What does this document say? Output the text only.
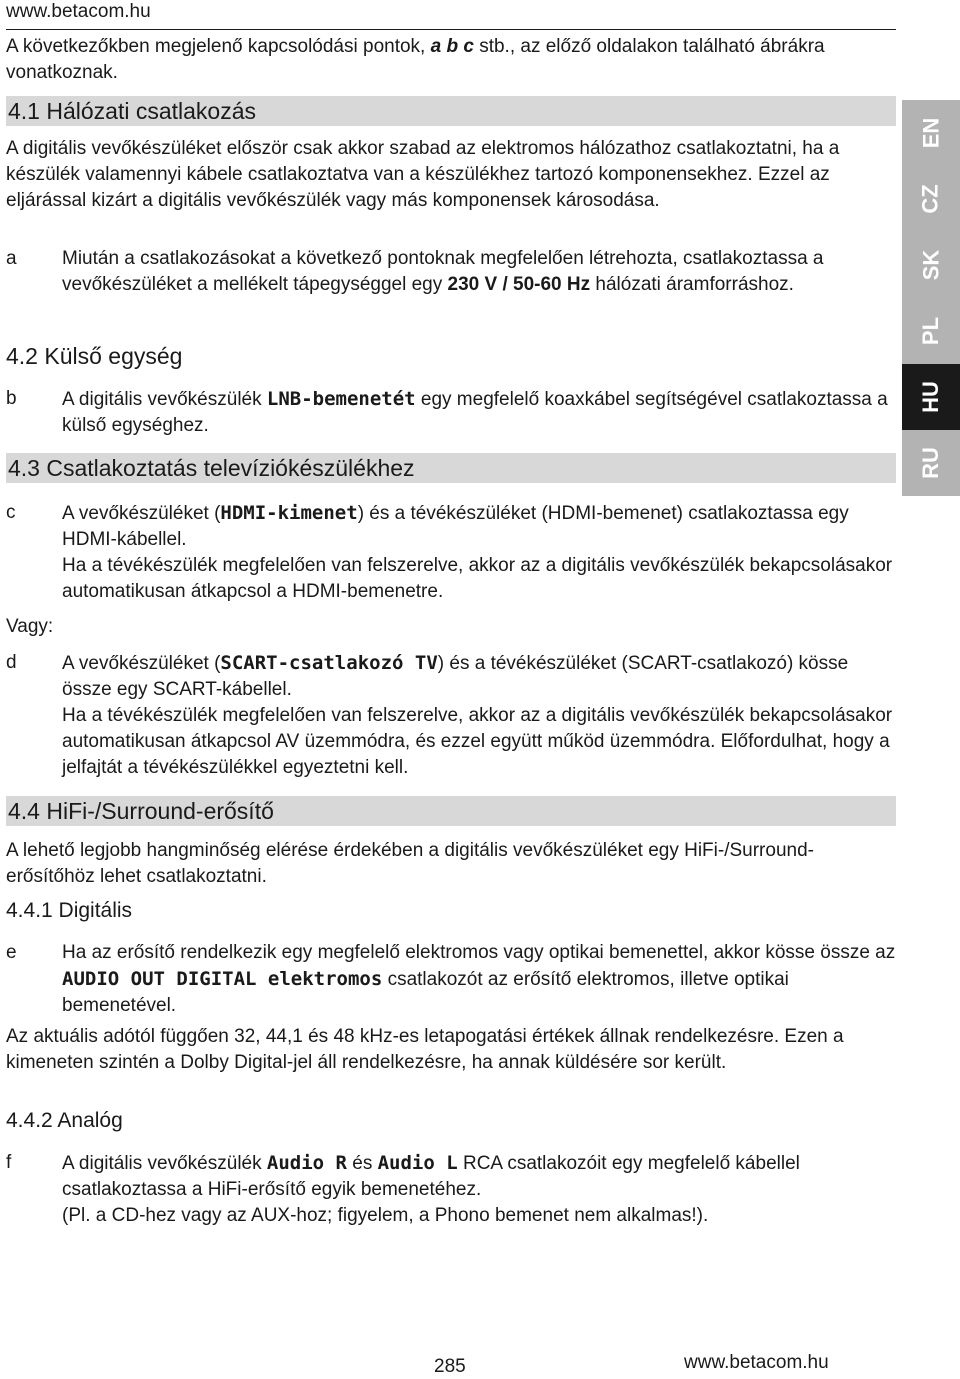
www.betacom.hu
A következőkben megjelenő kapcsolódási pontok, a b c stb., az előző oldalakon található ábrákra vonatkoznak.
4.1 Hálózati csatlakozás
A digitális vevőkészüléket először csak akkor szabad az elektromos hálózathoz csatlakoztatni, ha a készülék valamennyi kábele csatlakoztatva van a készülékhez tartozó komponensekhez. Ezzel az eljárással kizárt a digitális vevőkészülék vagy más komponensek károsodása.
a Miután a csatlakozásokat a következő pontoknak megfelelően létrehozta, csatlakoztassa a vevőkészüléket a mellékelt tápegységgel egy 230 V / 50-60 Hz hálózati áramforráshoz.
4.2 Külső egység
b A digitális vevőkészülék LNB-bemenetét egy megfelelő koaxkábel segítségével csatlakoztassa a külső egységhez.
4.3 Csatlakoztatás televíziókészülékhez
c A vevőkészüléket (HDMI-kimenet) és a tévékészüléket (HDMI-bemenet) csatlakoztassa egy HDMI-kábellel.
Ha a tévékészülék megfelelően van felszerelve, akkor az a digitális vevőkészülék bekapcsolásakor automatikusan átkapcsol a HDMI-bemenetre.
Vagy:
d A vevőkészüléket (SCART-csatlakozó TV) és a tévékészüléket (SCART-csatlakozó) kösse össze egy SCART-kábellel.
Ha a tévékészülék megfelelően van felszerelve, akkor az a digitális vevőkészülék bekapcsolásakor automatikusan átkapcsol AV üzemmódra, és ezzel együtt működ üzemmódra. Előfordulhat, hogy a jelfajtát a tévékészülékkel egyeztetni kell.
4.4 HiFi-/Surround-erősítő
A lehető legjobb hangminőség elérése érdekében a digitális vevőkészüléket egy HiFi-/Surround-erősítőhöz lehet csatlakoztatni.
4.4.1 Digitális
e Ha az erősítő rendelkezik egy megfelelő elektromos vagy optikai bemenettel, akkor kösse össze az AUDIO OUT DIGITAL elektromos csatlakozót az erősítő elektromos, illetve optikai bemenetével.
Az aktuális adótól függően 32, 44,1 és 48 kHz-es letapogatási értékek állnak rendelkezésre. Ezen a kimeneten szintén a Dolby Digital-jel áll rendelkezésre, ha annak küldésére sor került.
4.4.2 Analóg
f	A digitális vevőkészülék Audio R és Audio L RCA csatlakozóit egy megfelelő kábellel csatlakoztassa a HiFi-erősítő egyik bemenetéhez.
(Pl. a CD-hez vagy az AUX-hoz; figyelem, a Phono bemenet nem alkalmas!).
EN
CZ
SK
PL
HU
RU
285	www.betacom.hu
